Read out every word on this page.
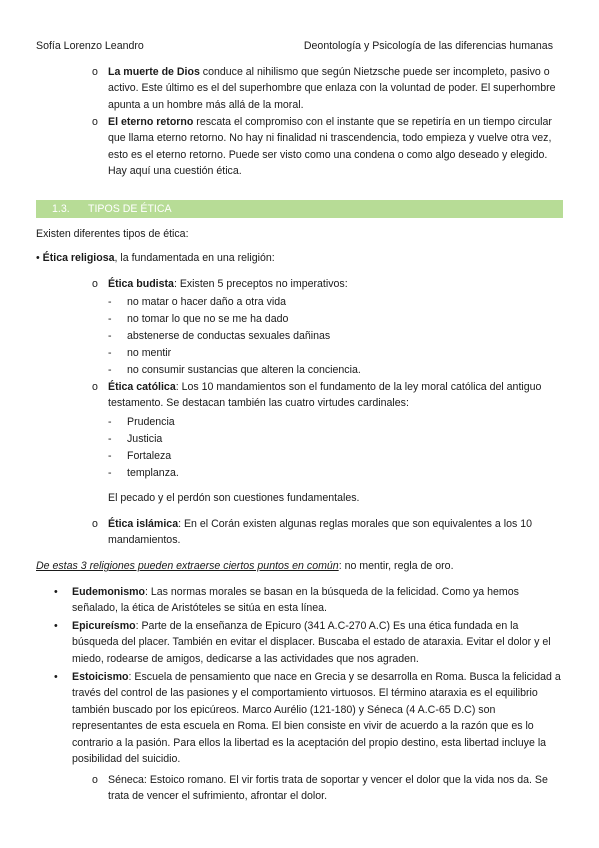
Sofía Lorenzo Leandro	Deontología y Psicología de las diferencias humanas
o La muerte de Dios conduce al nihilismo que según Nietzsche puede ser incompleto, pasivo o activo. Este último es el del superhombre que enlaza con la voluntad de poder. El superhombre apunta a un hombre más allá de la moral.
o El eterno retorno rescata el compromiso con el instante que se repetiría en un tiempo circular que llama eterno retorno. No hay ni finalidad ni trascendencia, todo empieza y vuelve otra vez, esto es el eterno retorno. Puede ser visto como una condena o como algo deseado y elegido. Hay aquí una cuestión ética.
1.3. TIPOS DE ÉTICA
Existen diferentes tipos de ética:
• Ética religiosa, la fundamentada en una religión:
o Ética budista: Existen 5 preceptos no imperativos:
- no matar o hacer daño a otra vida
- no tomar lo que no se me ha dado
- abstenerse de conductas sexuales dañinas
- no mentir
- no consumir sustancias que alteren la conciencia.
o Ética católica: Los 10 mandamientos son el fundamento de la ley moral católica del antiguo testamento. Se destacan también las cuatro virtudes cardinales:
- Prudencia
- Justicia
- Fortaleza
- templanza.
El pecado y el perdón son cuestiones fundamentales.
o Ética islámica: En el Corán existen algunas reglas morales que son equivalentes a los 10 mandamientos.
De estas 3 religiones pueden extraerse ciertos puntos en común: no mentir, regla de oro.
• Eudemonismo: Las normas morales se basan en la búsqueda de la felicidad. Como ya hemos señalado, la ética de Aristóteles se sitúa en esta línea.
• Epicureísmo: Parte de la enseñanza de Epicuro (341 A.C-270 A.C) Es una ética fundada en la búsqueda del placer. También en evitar el displacer. Buscaba el estado de ataraxia. Evitar el dolor y el miedo, rodearse de amigos, dedicarse a las actividades que nos agraden.
• Estoicismo: Escuela de pensamiento que nace en Grecia y se desarrolla en Roma. Busca la felicidad a través del control de las pasiones y el comportamiento virtuosos. El término ataraxia es el equilibrio también buscado por los epicúreos. Marco Aurélio (121-180) y Séneca (4 A.C-65 D.C) son representantes de esta escuela en Roma. El bien consiste en vivir de acuerdo a la razón que es lo contrario a la pasión. Para ellos la libertad es la aceptación del propio destino, esta libertad incluye la posibilidad del suicidio.
o Séneca: Estoico romano. El vir fortis trata de soportar y vencer el dolor que la vida nos da. Se trata de vencer el sufrimiento, afrontar el dolor.
